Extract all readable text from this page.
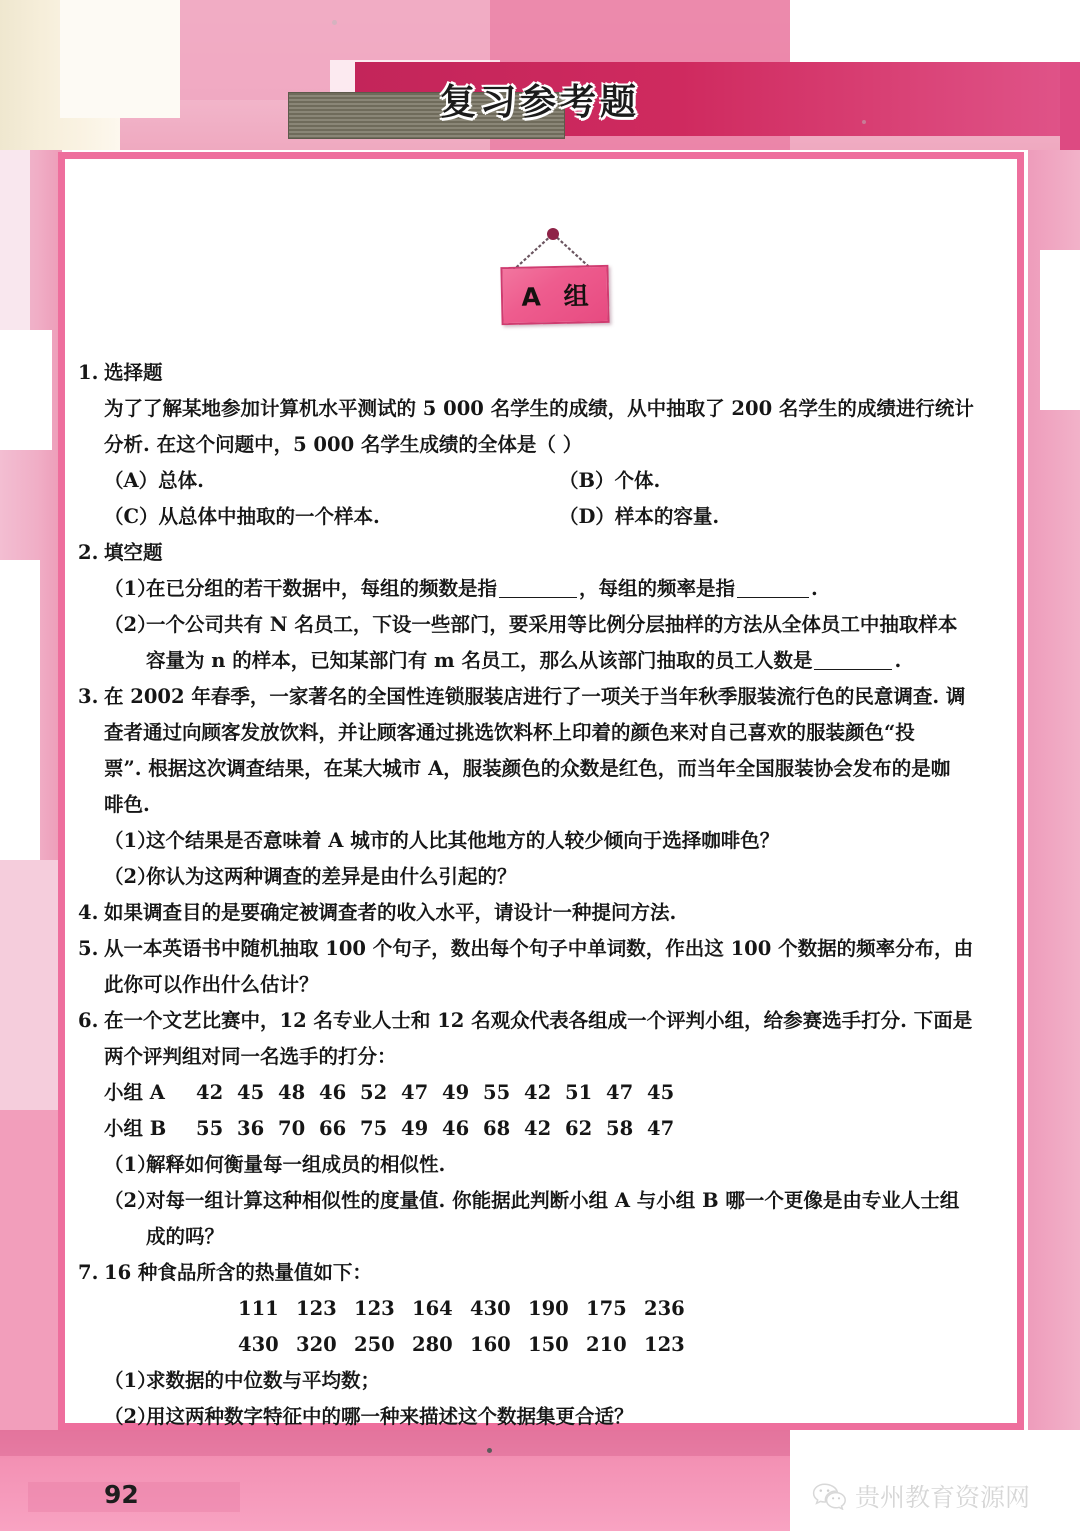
复习参考题
A 组
1. 选择题
为了了解某地参加计算机水平测试的 5 000 名学生的成绩，从中抽取了 200 名学生的成绩进行统计
分析. 在这个问题中，5 000 名学生成绩的全体是（ ）
（A）总体.	（B）个体.
（C）从总体中抽取的一个样本.	（D）样本的容量.
2. 填空题
（1）
在已分组的若干数据中，每组的频数是指	，每组的频率是指	.
（2）
一个公司共有 N 名员工，下设一些部门，要采用等比例分层抽样的方法从全体员工中抽取样本
容量为 n 的样本，已知某部门有 m 名员工，那么从该部门抽取的员工人数是	.
3. 在 2002 年春季，一家著名的全国性连锁服装店进行了一项关于当年秋季服装流行色的民意调查. 调
查者通过向顾客发放饮料，并让顾客通过挑选饮料杯上印着的颜色来对自己喜欢的服装颜色“投
票”. 根据这次调查结果，在某大城市 A，服装颜色的众数是红色，而当年全国服装协会发布的是咖
啡色.
（1）
这个结果是否意味着 A 城市的人比其他地方的人较少倾向于选择咖啡色？
（2）
你认为这两种调查的差异是由什么引起的？
4. 如果调查目的是要确定被调查者的收入水平，请设计一种提问方法.
5. 从一本英语书中随机抽取 100 个句子，数出每个句子中单词数，作出这 100 个数据的频率分布，由
此你可以作出什么估计？
6. 在一个文艺比赛中，12 名专业人士和 12 名观众代表各组成一个评判小组，给参赛选手打分. 下面是
两个评判组对同一名选手的打分：
小组 A	42 45 48 46 52 47 49 55 42 51 47 45
小组 B	55 36 70 66 75 49 46 68 42 62 58 47
（1）
解释如何衡量每一组成员的相似性.
（2）
对每一组计算这种相似性的度量值. 你能据此判断小组 A 与小组 B 哪一个更像是由专业人士组
成的吗？
7. 16 种食品所含的热量值如下：
111 123 123 164 430 190 175 236
430 320 250 280 160 150 210 123
（1）
求数据的中位数与平均数；
（2）
用这两种数字特征中的哪一种来描述这个数据集更合适？
92	贵州教育资源网
